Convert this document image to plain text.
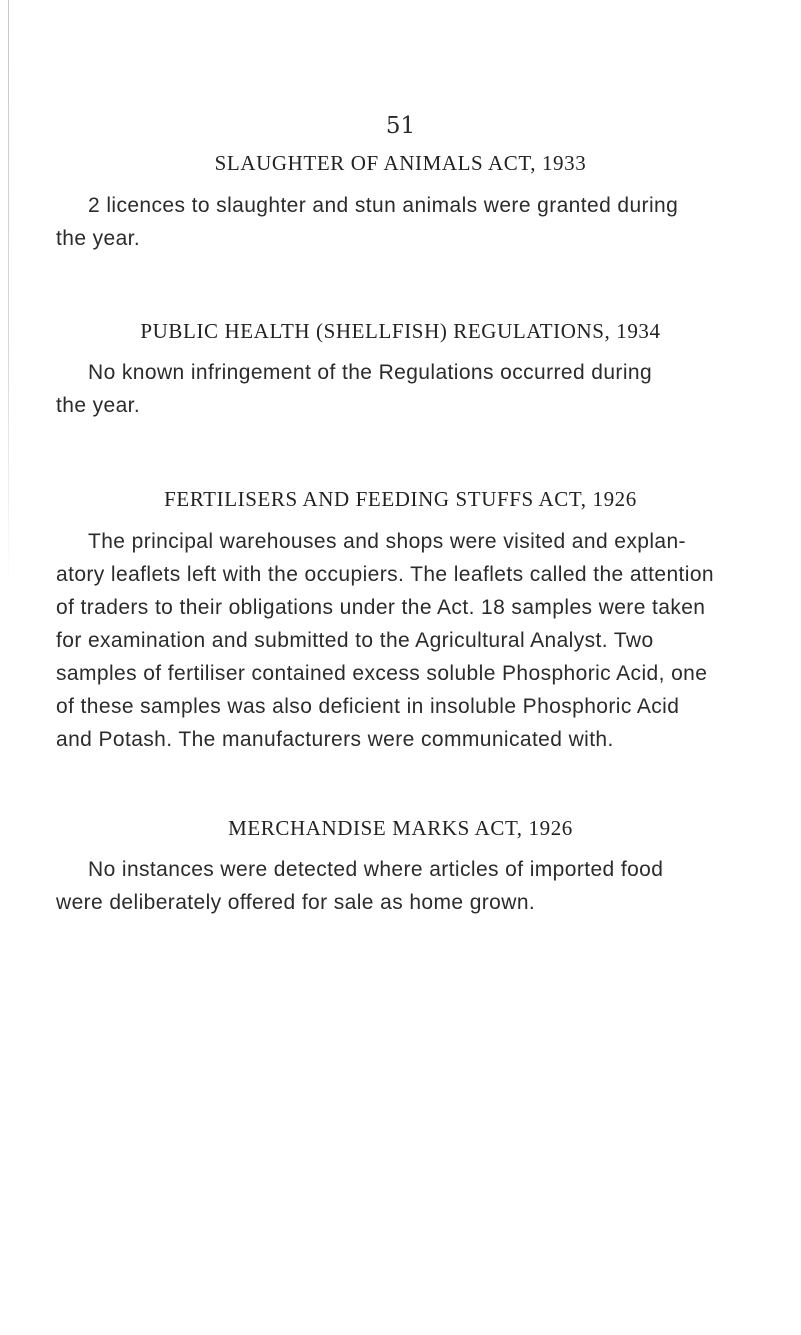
51
SLAUGHTER OF ANIMALS ACT, 1933
2 licences to slaughter and stun animals were granted during
the year.
PUBLIC HEALTH (SHELLFISH) REGULATIONS, 1934
No known infringement of the Regulations occurred during
the year.
FERTILISERS AND FEEDING STUFFS ACT, 1926
The principal warehouses and shops were visited and explan-
atory leaflets left with the occupiers. The leaflets called the attention
of traders to their obligations under the Act. 18 samples were taken
for examination and submitted to the Agricultural Analyst. Two
samples of fertiliser contained excess soluble Phosphoric Acid, one
of these samples was also deficient in insoluble Phosphoric Acid
and Potash. The manufacturers were communicated with.
MERCHANDISE MARKS ACT, 1926
No instances were detected where articles of imported food
were deliberately offered for sale as home grown.
